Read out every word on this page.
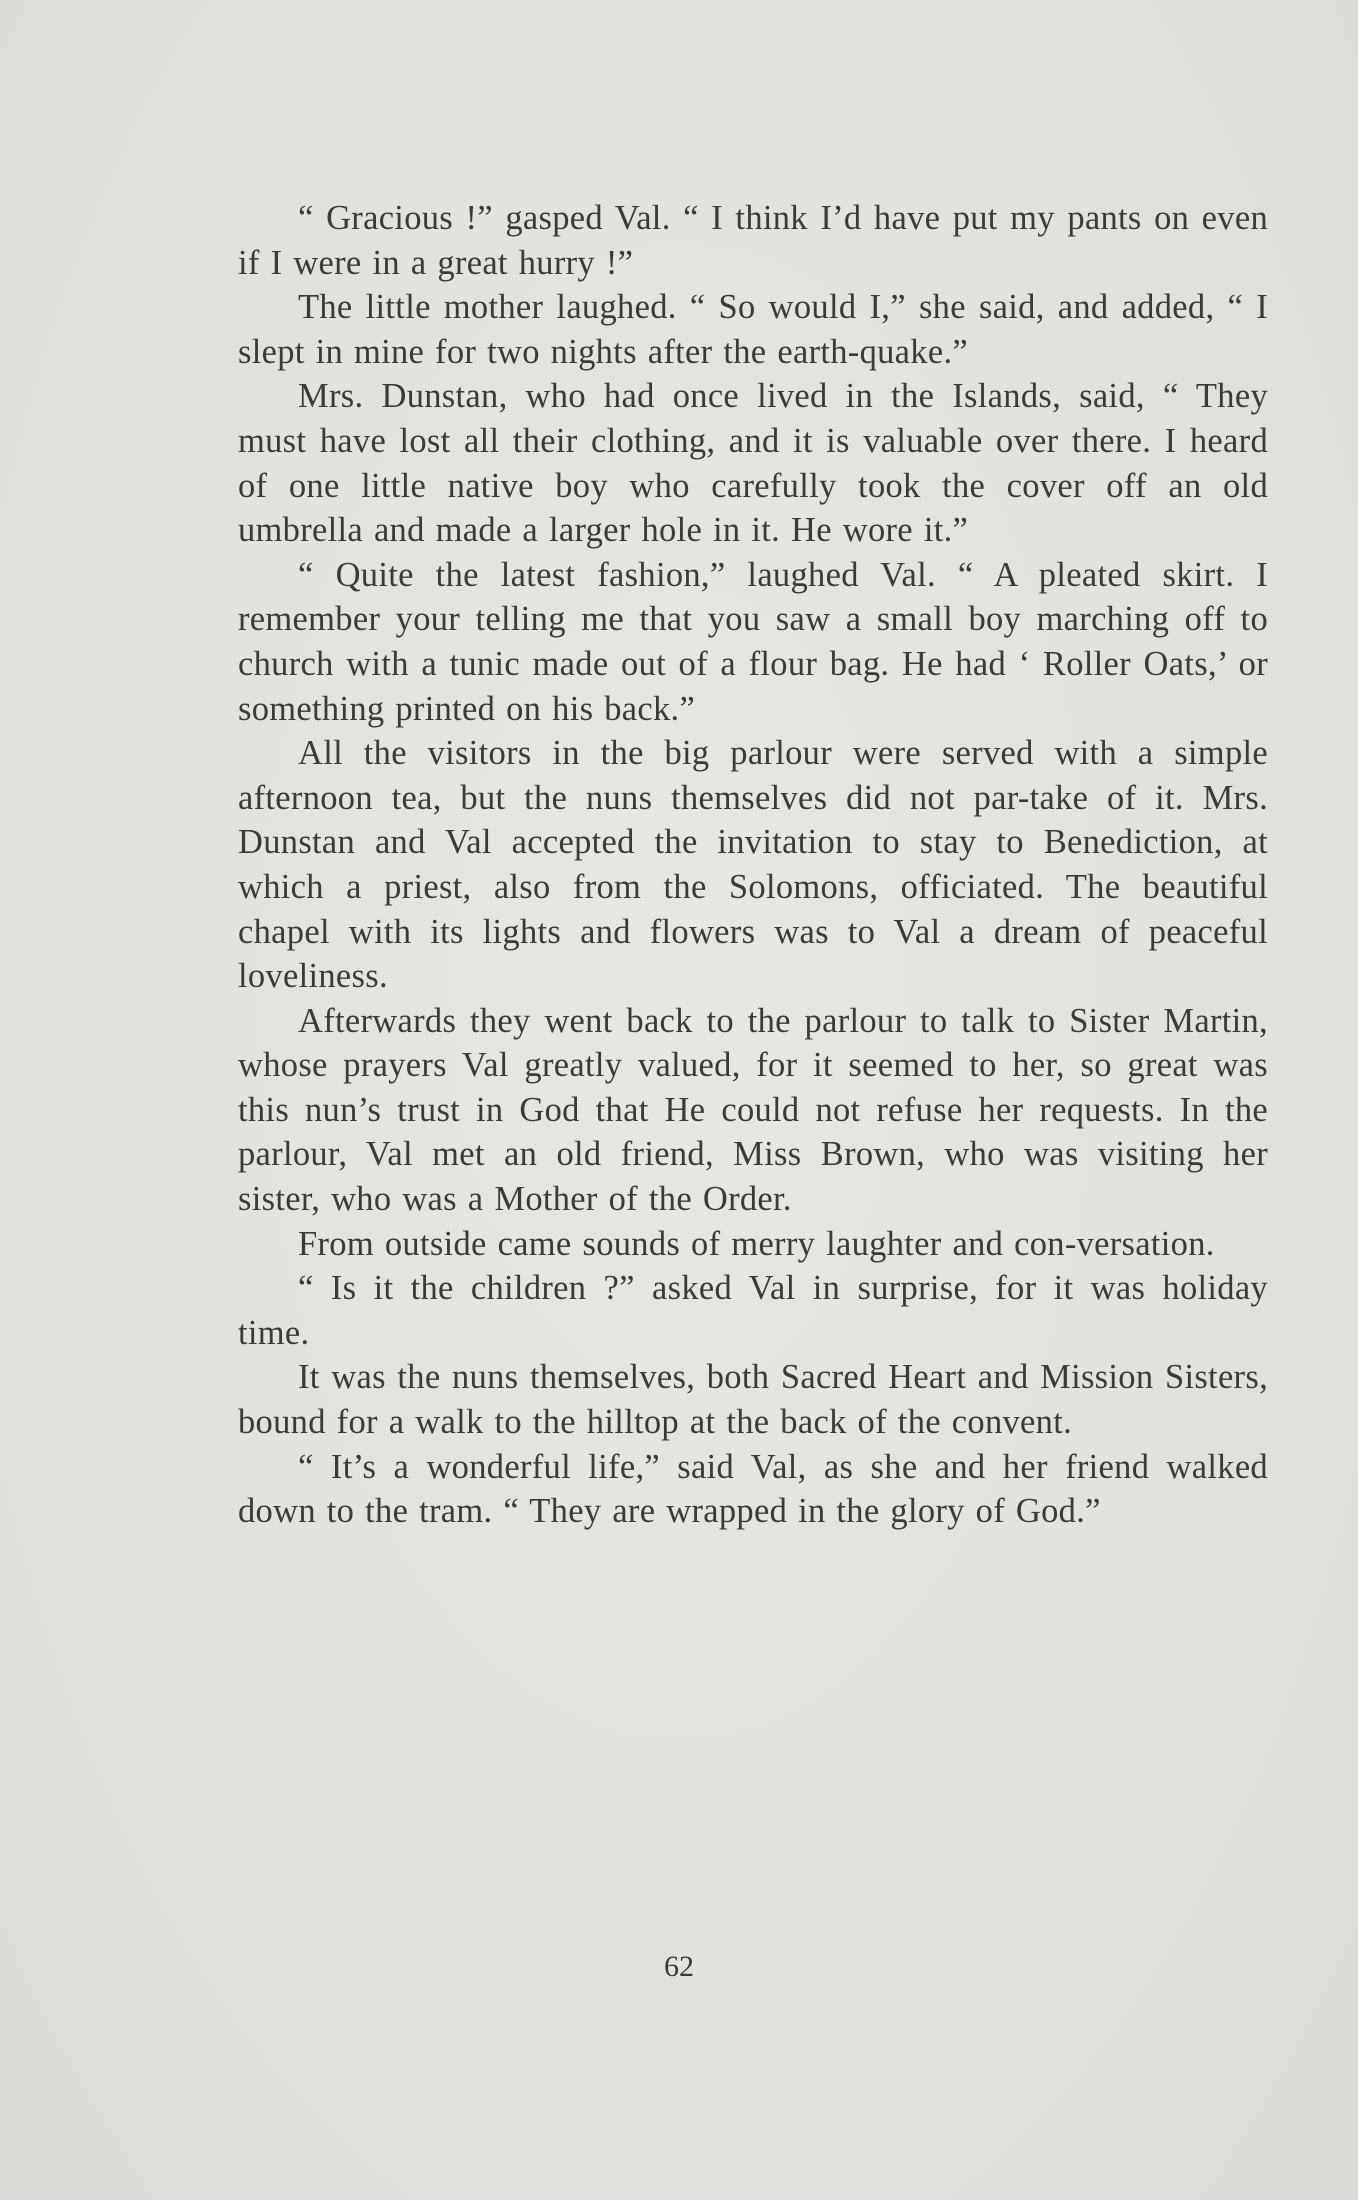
“ Gracious !” gasped Val. “ I think I’d have put my pants on even if I were in a great hurry !”

The little mother laughed. “ So would I,” she said, and added, “ I slept in mine for two nights after the earth-quake.”

Mrs. Dunstan, who had once lived in the Islands, said, “ They must have lost all their clothing, and it is valuable over there. I heard of one little native boy who carefully took the cover off an old umbrella and made a larger hole in it. He wore it.”

“ Quite the latest fashion,” laughed Val. “ A pleated skirt. I remember your telling me that you saw a small boy marching off to church with a tunic made out of a flour bag. He had ‘ Roller Oats,’ or something printed on his back.”

All the visitors in the big parlour were served with a simple afternoon tea, but the nuns themselves did not par-take of it. Mrs. Dunstan and Val accepted the invitation to stay to Benediction, at which a priest, also from the Solomons, officiated. The beautiful chapel with its lights and flowers was to Val a dream of peaceful loveliness.

Afterwards they went back to the parlour to talk to Sister Martin, whose prayers Val greatly valued, for it seemed to her, so great was this nun’s trust in God that He could not refuse her requests. In the parlour, Val met an old friend, Miss Brown, who was visiting her sister, who was a Mother of the Order.

From outside came sounds of merry laughter and con-versation.

“ Is it the children ?” asked Val in surprise, for it was holiday time.

It was the nuns themselves, both Sacred Heart and Mission Sisters, bound for a walk to the hilltop at the back of the convent.

“ It’s a wonderful life,” said Val, as she and her friend walked down to the tram. “ They are wrapped in the glory of God.”

62
